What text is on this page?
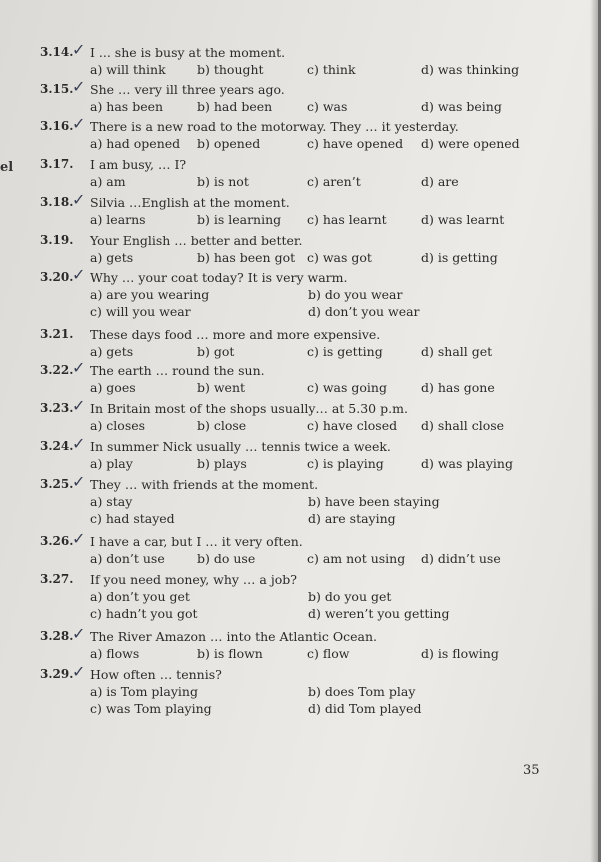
el
3.14.
✓ I ... she is busy at the moment.
a) will think	b) thought	c) think	d) was thinking
3.15.
✓ She … very ill three years ago.
a) has been	b) had been	c) was	d) was being
3.16.
✓ There is a new road to the motorway. They … it yesterday.
a) had opened b) opened	c) have opened d) were opened
3.17. I am busy, … I?
a) am	b) is not	c) aren’t	d) are
3.18.
✓ Silvia …English at the moment.
a) learns	b) is learning c) has learnt	d) was learnt
3.19. Your English … better and better.
a) gets	b) has been got c) was got	d) is getting
3.20.
✓ Why … your coat today? It is very warm.
a) are you wearing	b) do you wear
c) will you wear	d) don’t you wear
3.21. These days food … more and more expensive.
a) gets	b) got	c) is getting	d) shall get
3.22.
✓ The earth … round the sun.
a) goes	b) went	c) was going	d) has gone
3.23.
✓ In Britain most of the shops usually… at 5.30 p.m.
a) closes	b) close	c) have closed d) shall close
3.24.
✓ In summer Nick usually … tennis twice a week.
a) play	b) plays	c) is playing	d) was playing
3.25.
✓ They … with friends at the moment.
a) stay	b) have been staying
c) had stayed	d) are staying
3.26.
✓ I have a car, but I … it very often.
a) don’t use	b) do use	c) am not using d) didn’t use
3.27. If you need money, why … a job?
a) don’t you get	b) do you get
c) hadn’t you got	d) weren’t you getting
3.28.
✓ The River Amazon … into the Atlantic Ocean.
a) flows	b) is flown	c) flow	d) is flowing
3.29.
✓ How often … tennis?
a) is Tom playing	b) does Tom play
c) was Tom playing	d) did Tom played
35
